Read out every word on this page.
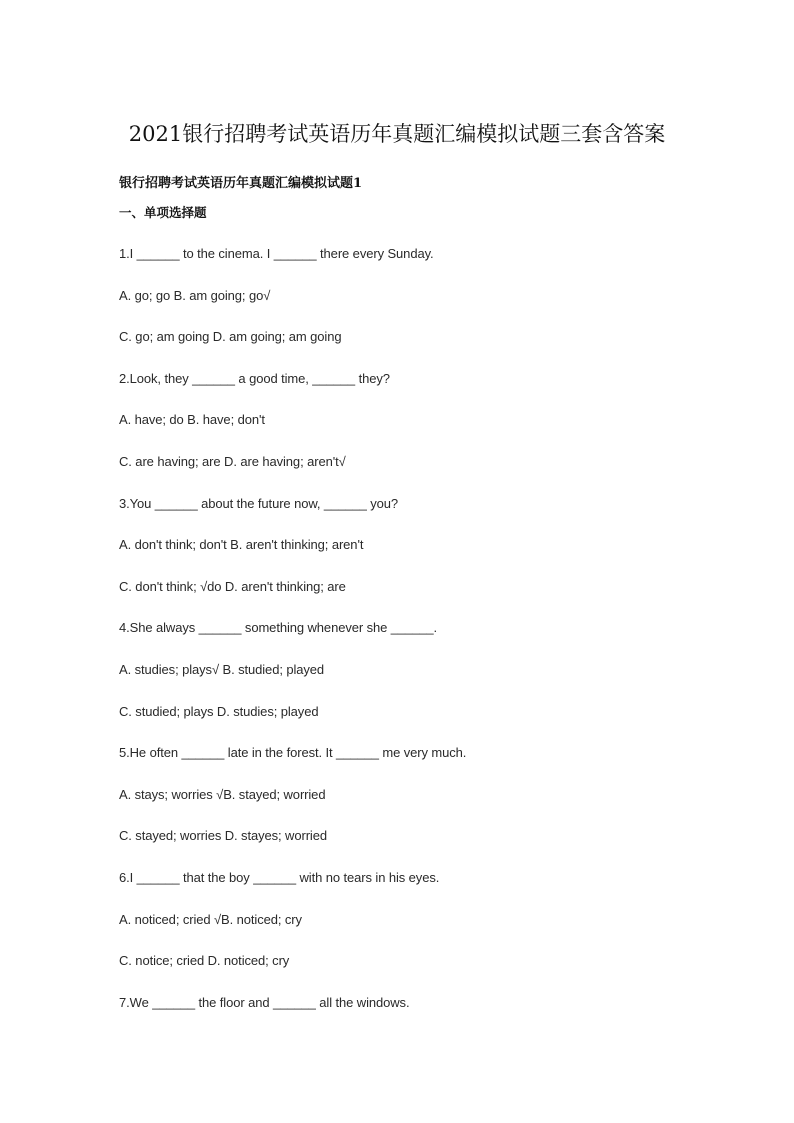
2021银行招聘考试英语历年真题汇编模拟试题三套含答案
银行招聘考试英语历年真题汇编模拟试题1
一、单项选择题
1.I ______ to the cinema. I ______ there every Sunday.
A. go; go B. am going; go√
C. go; am going D. am going; am going
2.Look, they ______ a good time, ______ they?
A. have; do B. have; don't
C. are having; are D. are having; aren't√
3.You ______ about the future now, ______ you?
A. don't think; don't B. aren't thinking; aren't
C. don't think; √do D. aren't thinking; are
4.She always ______ something whenever she ______.
A. studies; plays√ B. studied; played
C. studied; plays D. studies; played
5.He often ______ late in the forest. It ______ me very much.
A. stays; worries √B. stayed; worried
C. stayed; worries D. stayes; worried
6.I ______ that the boy ______ with no tears in his eyes.
A. noticed; cried √B. noticed; cry
C. notice; cried D. noticed; cry
7.We ______ the floor and ______ all the windows.
